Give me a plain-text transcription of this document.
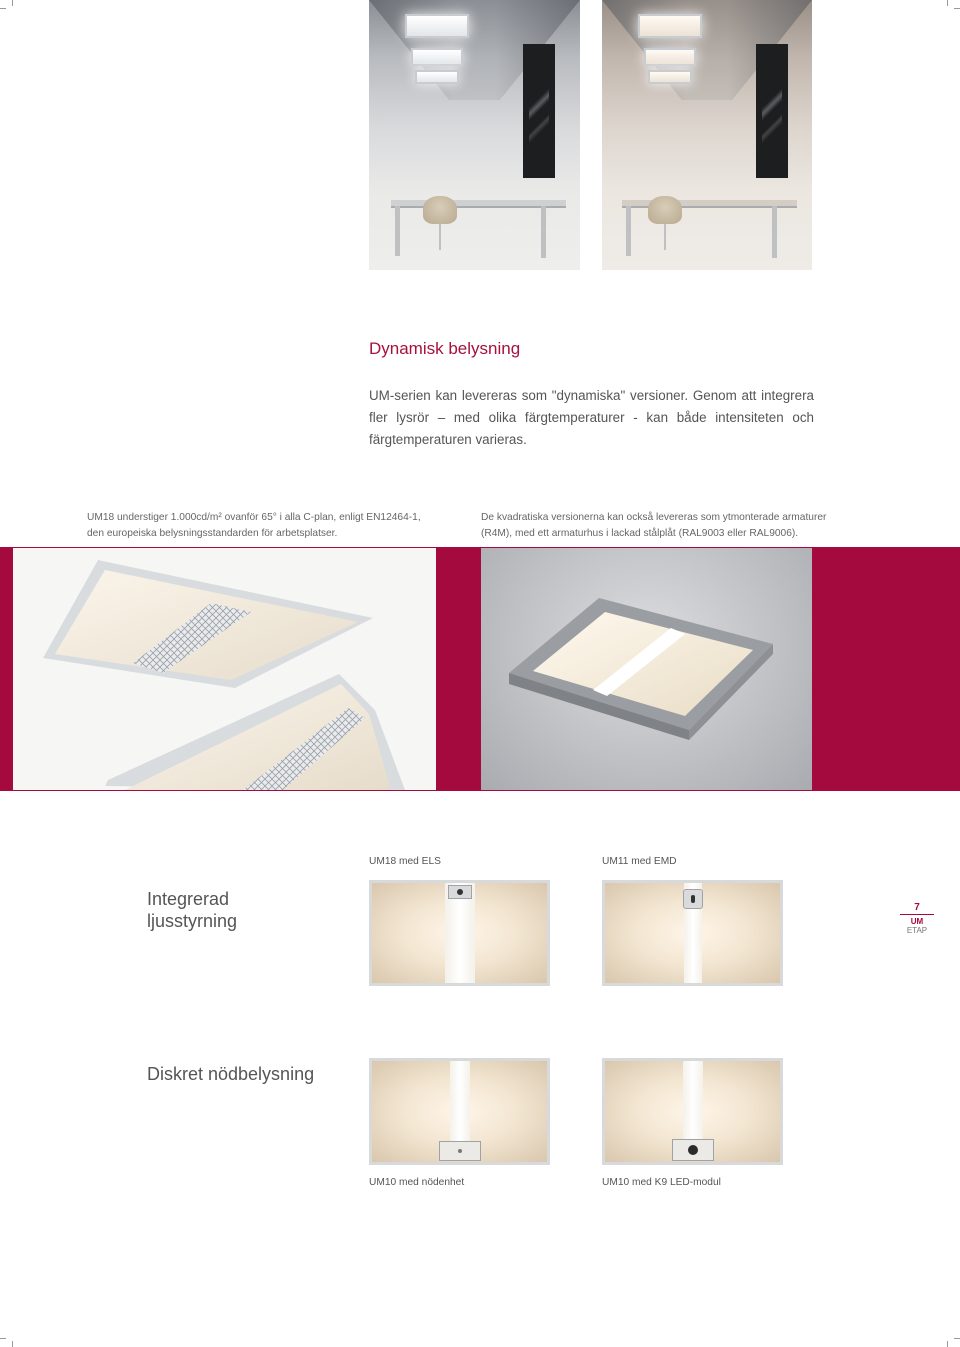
Dynamisk belysning
UM-serien kan levereras som "dynamiska" versioner. Genom att integrera fler lysrör – med olika färgtemperaturer - kan både intensiteten och färgtemperaturen varieras.
UM18 understiger 1.000cd/m² ovanför 65° i alla C-plan, enligt EN12464-1, den europeiska belysningsstandarden för arbetsplatser.
De kvadratiska versionerna kan också levereras som ytmonterade armaturer (R4M), med ett armaturhus i lackad stålplåt (RAL9003 eller RAL9006).
Integrerad
ljusstyrning
UM18 med ELS	UM11 med EMD
Diskret nödbelysning
UM10 med nödenhet	UM10 med K9 LED-modul
7
UM ETAP
